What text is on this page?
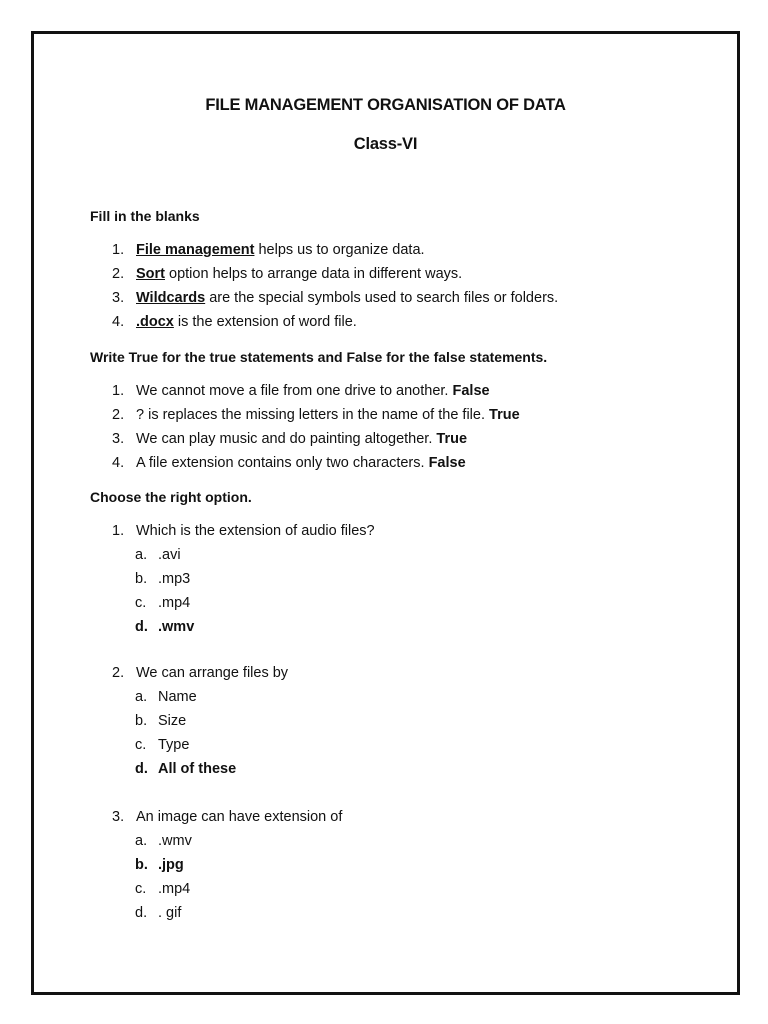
FILE MANAGEMENT ORGANISATION OF DATA
Class-VI
Fill in the blanks
1. File management helps us to organize data.
2. Sort option helps to arrange data in different ways.
3. Wildcards are the special symbols used to search files or folders.
4. .docx is the extension of word file.
Write True for the true statements and False for the false statements.
1. We cannot move a file from one drive to another. False
2. ? is replaces the missing letters in the name of the file. True
3. We can play music and do painting altogether. True
4. A file extension contains only two characters. False
Choose the right option.
1. Which is the extension of audio files?
a. .avi
b. .mp3
c. .mp4
d. .wmv
2. We can arrange files by
a. Name
b. Size
c. Type
d. All of these
3. An image can have extension of
a. .wmv
b. .jpg
c. .mp4
d. . gif
